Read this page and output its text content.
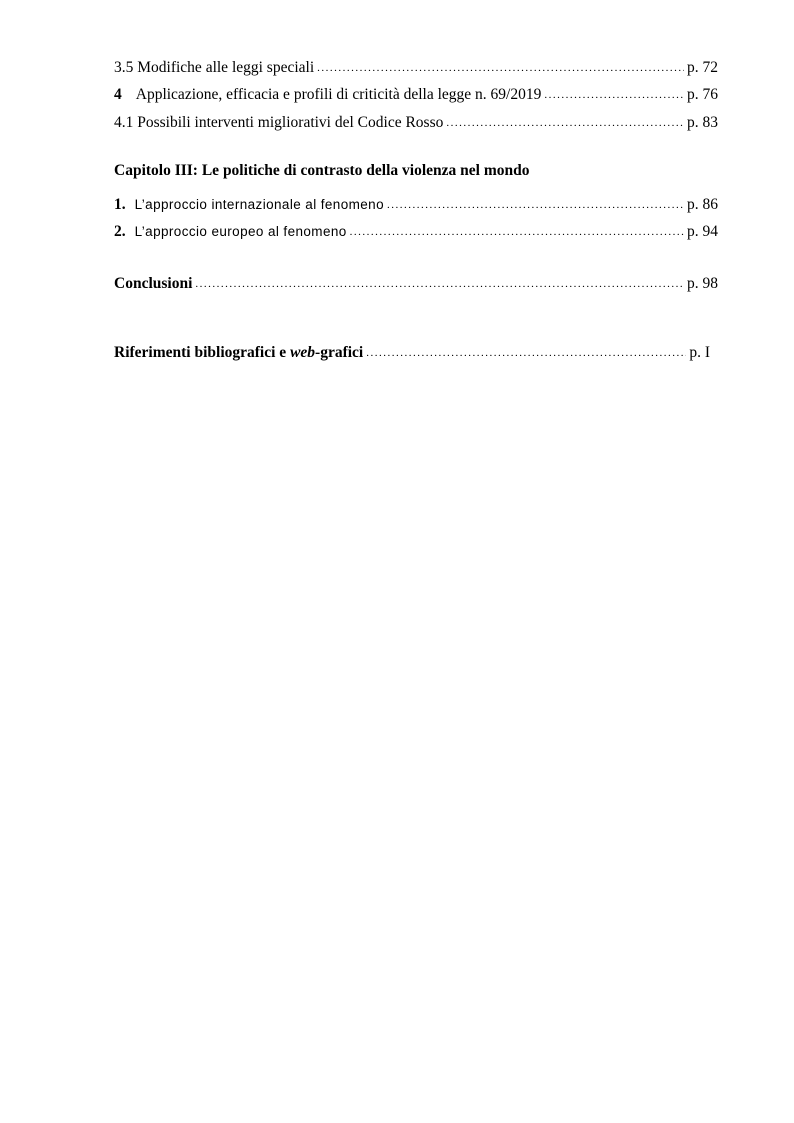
3.5 Modifiche alle leggi speciali .....	p. 72
4 Applicazione, efficacia e profili di criticità della legge n. 69/2019 .....	p. 76
4.1 Possibili interventi migliorativi del Codice Rosso .....	p. 83
Capitolo III: Le politiche di contrasto della violenza nel mondo
1. L’approccio internazionale al fenomeno .....	p. 86
2. L’approccio europeo al fenomeno .....	p. 94
Conclusioni .....	p. 98
Riferimenti bibliografici e web-grafici .....	p. I
